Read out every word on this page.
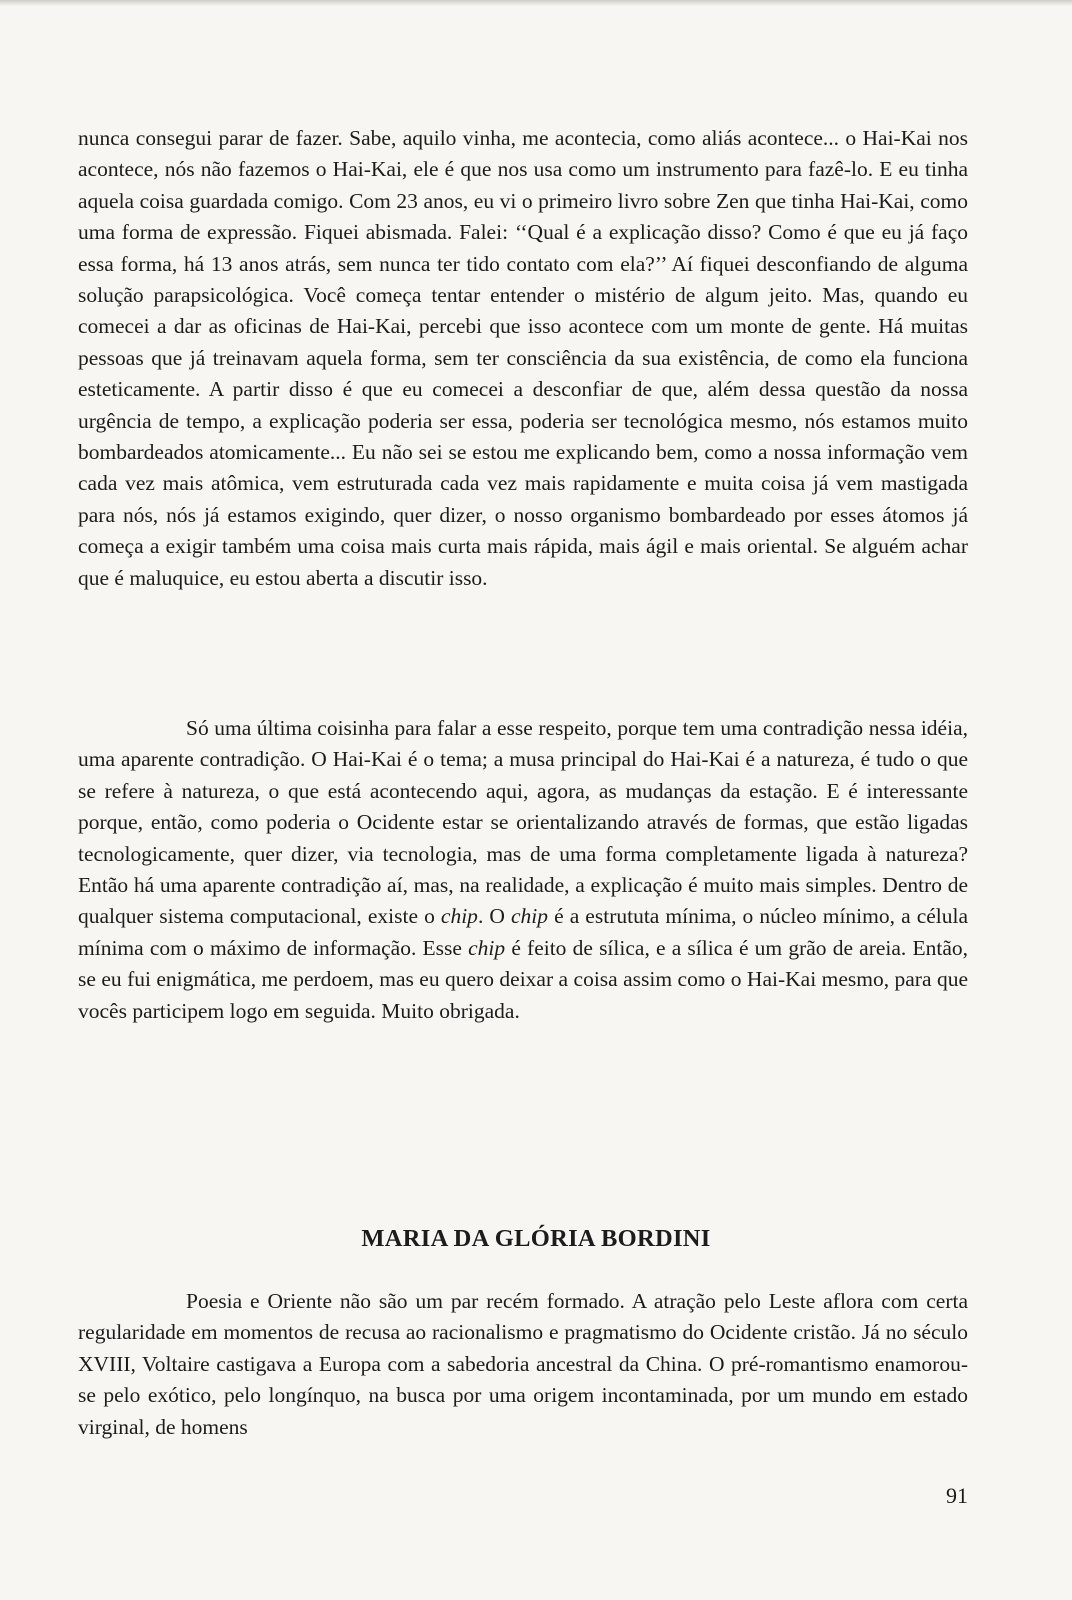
nunca consegui parar de fazer. Sabe, aquilo vinha, me acontecia, como aliás acontece... o Hai-Kai nos acontece, nós não fazemos o Hai-Kai, ele é que nos usa como um instrumento para fazê-lo. E eu tinha aquela coisa guardada comigo. Com 23 anos, eu vi o primeiro livro sobre Zen que tinha Hai-Kai, como uma forma de expressão. Fiquei abismada. Falei: ‘‘Qual é a explicação disso? Como é que eu já faço essa forma, há 13 anos atrás, sem nunca ter tido contato com ela?’’ Aí fiquei desconfiando de alguma solução parapsicológica. Você começa tentar entender o mistério de algum jeito. Mas, quando eu comecei a dar as oficinas de Hai-Kai, percebi que isso acontece com um monte de gente. Há muitas pessoas que já treinavam aquela forma, sem ter consciência da sua existência, de como ela funciona esteticamente. A partir disso é que eu comecei a desconfiar de que, além dessa questão da nossa urgência de tempo, a explicação poderia ser essa, poderia ser tecnológica mesmo, nós estamos muito bombardeados atomicamente... Eu não sei se estou me explicando bem, como a nossa informação vem cada vez mais atômica, vem estruturada cada vez mais rapidamente e muita coisa já vem mastigada para nós, nós já estamos exigindo, quer dizer, o nosso organismo bombardeado por esses átomos já começa a exigir também uma coisa mais curta mais rápida, mais ágil e mais oriental. Se alguém achar que é maluquice, eu estou aberta a discutir isso.

Só uma última coisinha para falar a esse respeito, porque tem uma contradição nessa idéia, uma aparente contradição. O Hai-Kai é o tema; a musa principal do Hai-Kai é a natureza, é tudo o que se refere à natureza, o que está acontecendo aqui, agora, as mudanças da estação. E é interessante porque, então, como poderia o Ocidente estar se orientalizando através de formas, que estão ligadas tecnologicamente, quer dizer, via tecnologia, mas de uma forma completamente ligada à natureza? Então há uma aparente contradição aí, mas, na realidade, a explicação é muito mais simples. Dentro de qualquer sistema computacional, existe o chip. O chip é a estrututa mínima, o núcleo mínimo, a célula mínima com o máximo de informação. Esse chip é feito de sílica, e a sílica é um grão de areia. Então, se eu fui enigmática, me perdoem, mas eu quero deixar a coisa assim como o Hai-Kai mesmo, para que vocês participem logo em seguida. Muito obrigada.

MARIA DA GLÓRIA BORDINI

Poesia e Oriente não são um par recém formado. A atração pelo Leste aflora com certa regularidade em momentos de recusa ao racionalismo e pragmatismo do Ocidente cristão. Já no século XVIII, Voltaire castigava a Europa com a sabedoria ancestral da China. O pré-romantismo enamorou-se pelo exótico, pelo longínquo, na busca por uma origem incontaminada, por um mundo em estado virginal, de homens

91
